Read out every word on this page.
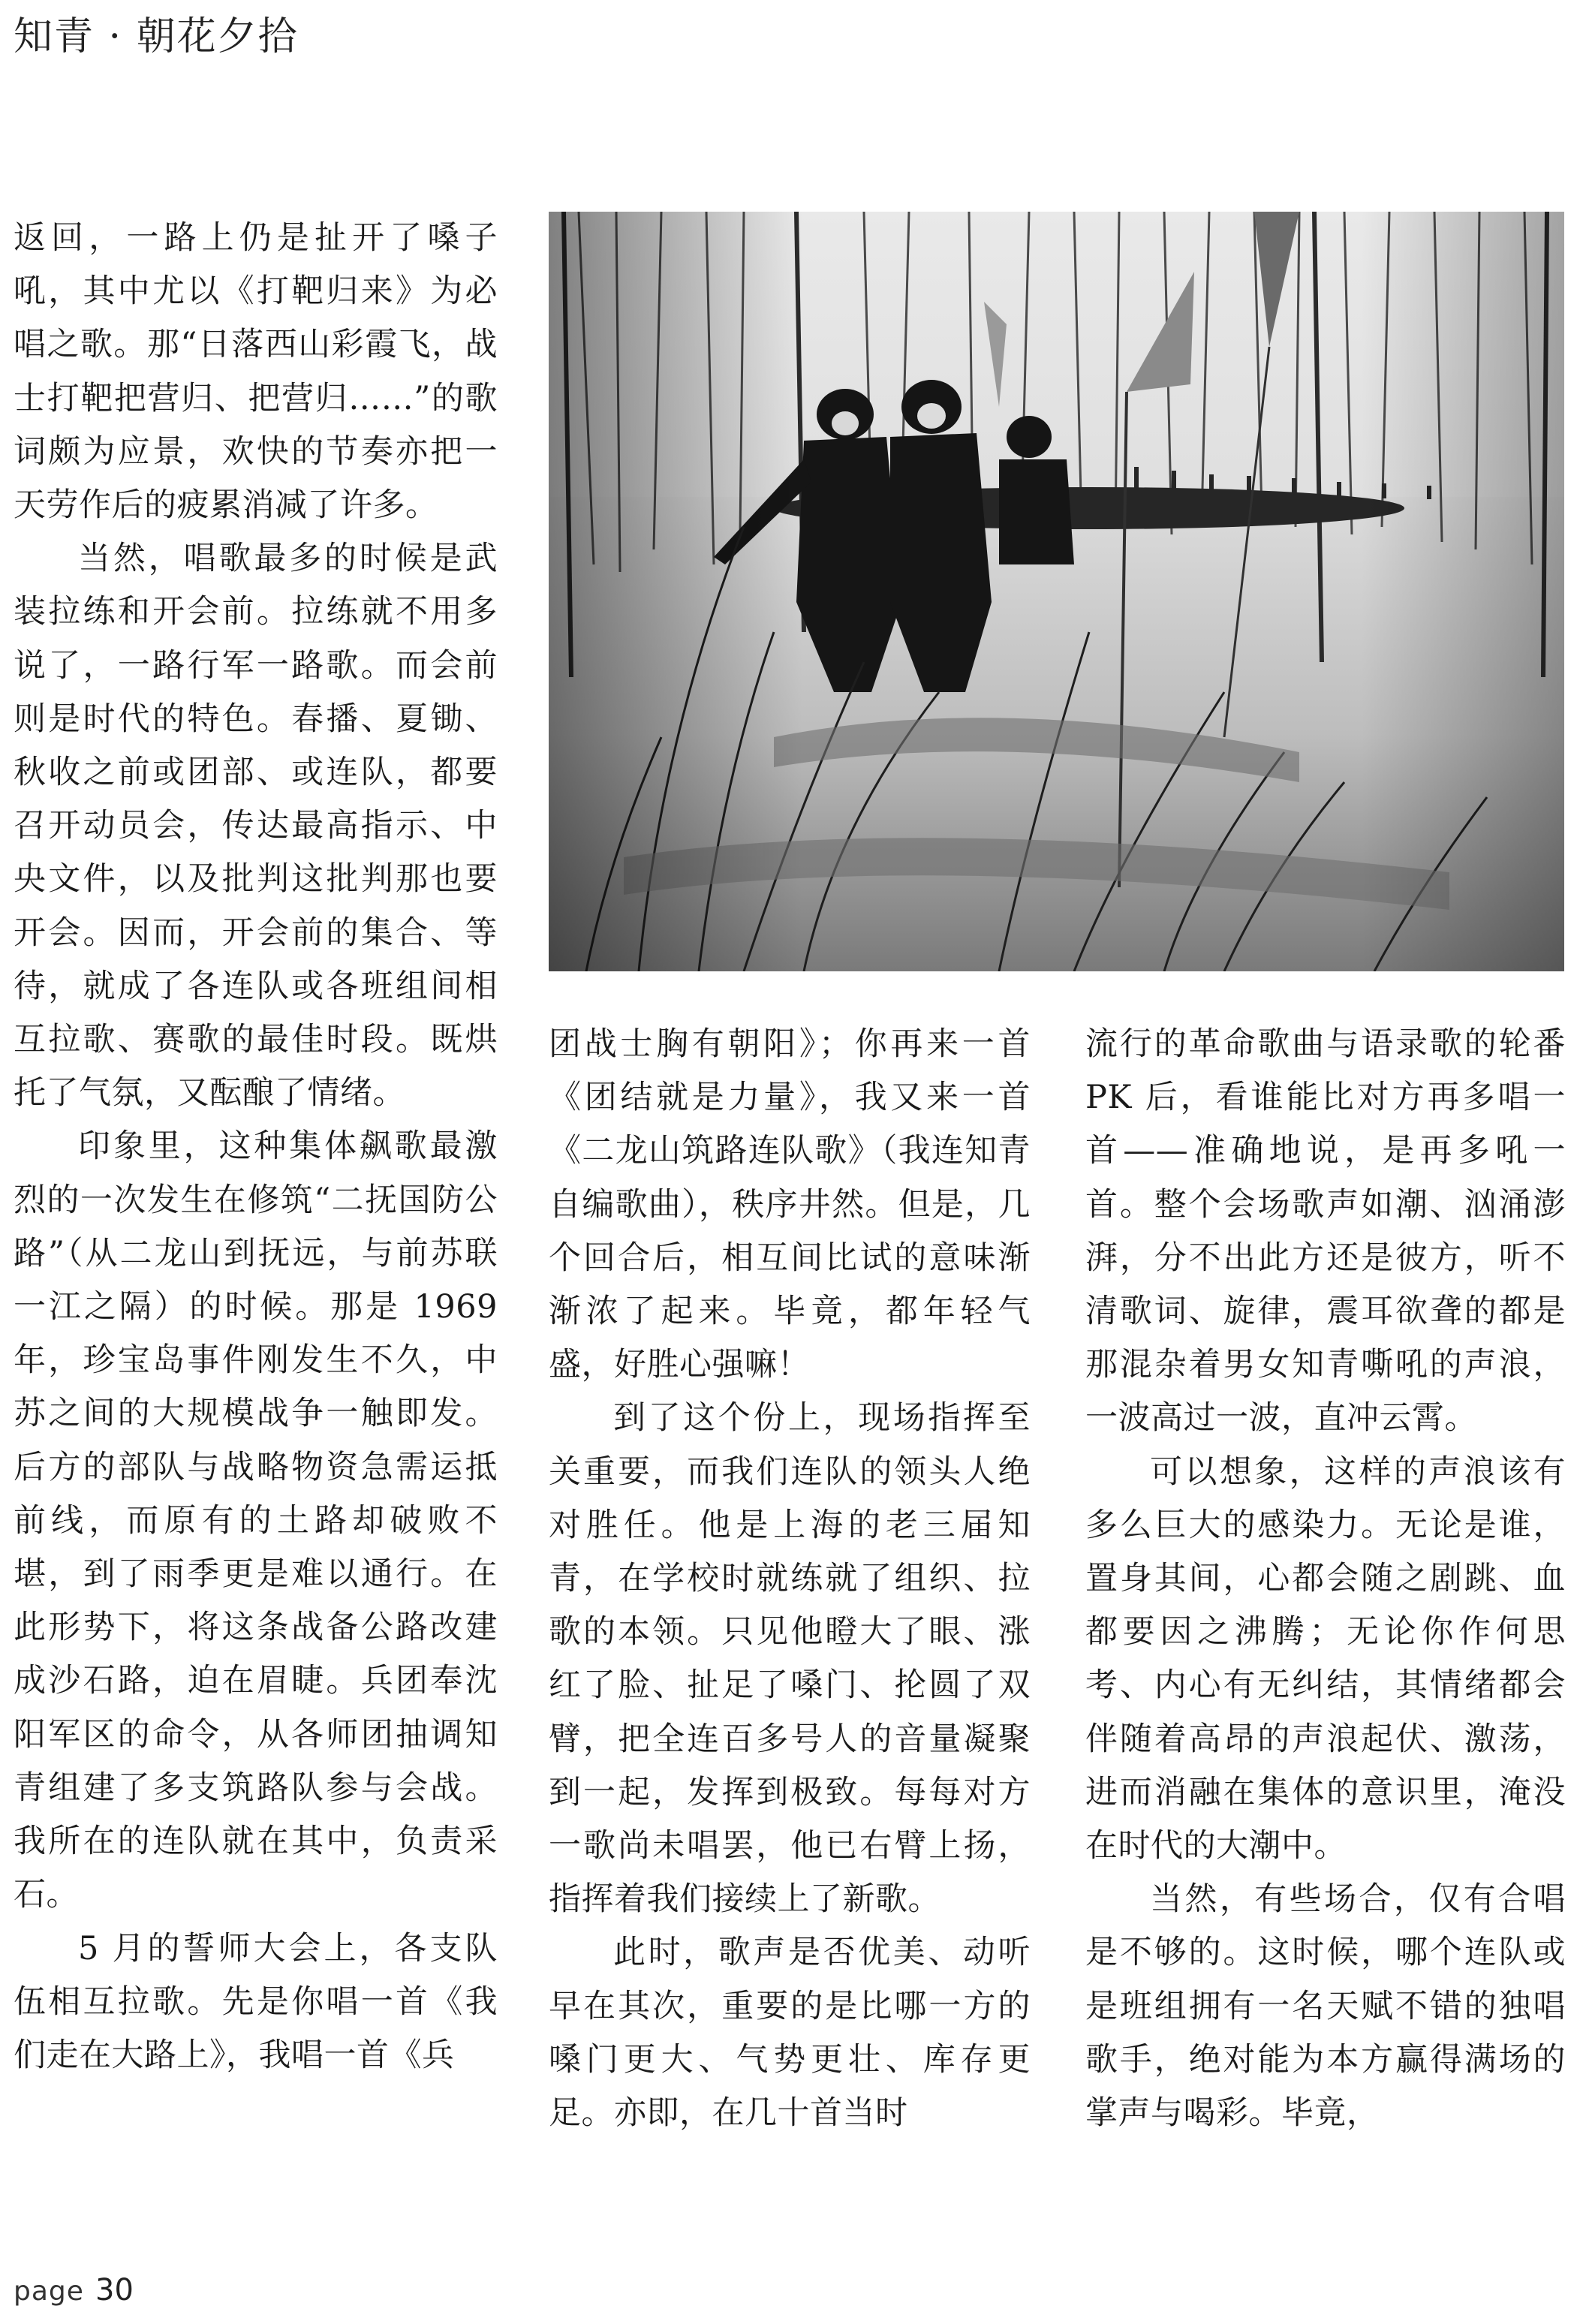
知青 · 朝花夕拾

返回，一路上仍是扯开了嗓子吼，其中尤以《打靶归来》为必唱之歌。那“日落西山彩霞飞，战士打靶把营归、把营归……”的歌词颇为应景，欢快的节奏亦把一天劳作后的疲累消减了许多。

当然，唱歌最多的时候是武装拉练和开会前。拉练就不用多说了，一路行军一路歌。而会前则是时代的特色。春播、夏锄、秋收之前或团部、或连队，都要召开动员会，传达最高指示、中央文件，以及批判这批判那也要开会。因而，开会前的集合、等待，就成了各连队或各班组间相互拉歌、赛歌的最佳时段。既烘托了气氛，又酝酿了情绪。

印象里，这种集体飙歌最激烈的一次发生在修筑“二抚国防公路”（从二龙山到抚远，与前苏联一江之隔）的时候。那是 1969 年，珍宝岛事件刚发生不久，中苏之间的大规模战争一触即发。后方的部队与战略物资急需运抵前线，而原有的土路却破败不堪，到了雨季更是难以通行。在此形势下，将这条战备公路改建成沙石路，迫在眉睫。兵团奉沈阳军区的命令，从各师团抽调知青组建了多支筑路队参与会战。我所在的连队就在其中，负责采石。

5 月的誓师大会上，各支队伍相互拉歌。先是你唱一首《我们走在大路上》，我唱一首《兵

团战士胸有朝阳》；你再来一首《团结就是力量》，我又来一首《二龙山筑路连队歌》（我连知青自编歌曲），秩序井然。但是，几个回合后，相互间比试的意味渐渐浓了起来。毕竟，都年轻气盛，好胜心强嘛！

到了这个份上，现场指挥至关重要，而我们连队的领头人绝对胜任。他是上海的老三届知青，在学校时就练就了组织、拉歌的本领。只见他瞪大了眼、涨红了脸、扯足了嗓门、抡圆了双臂，把全连百多号人的音量凝聚到一起，发挥到极致。每每对方一歌尚未唱罢，他已右臂上扬，指挥着我们接续上了新歌。

此时，歌声是否优美、动听早在其次，重要的是比哪一方的嗓门更大、气势更壮、库存更足。亦即，在几十首当时

流行的革命歌曲与语录歌的轮番 PK 后，看谁能比对方再多唱一首——准确地说，是再多吼一首。整个会场歌声如潮、汹涌澎湃，分不出此方还是彼方，听不清歌词、旋律，震耳欲聋的都是那混杂着男女知青嘶吼的声浪，一波高过一波，直冲云霄。

可以想象，这样的声浪该有多么巨大的感染力。无论是谁，置身其间，心都会随之剧跳、血都要因之沸腾；无论你作何思考、内心有无纠结，其情绪都会伴随着高昂的声浪起伏、激荡，进而消融在集体的意识里，淹没在时代的大潮中。

当然，有些场合，仅有合唱是不够的。这时候，哪个连队或是班组拥有一名天赋不错的独唱歌手，绝对能为本方赢得满场的掌声与喝彩。毕竟，

page 30
